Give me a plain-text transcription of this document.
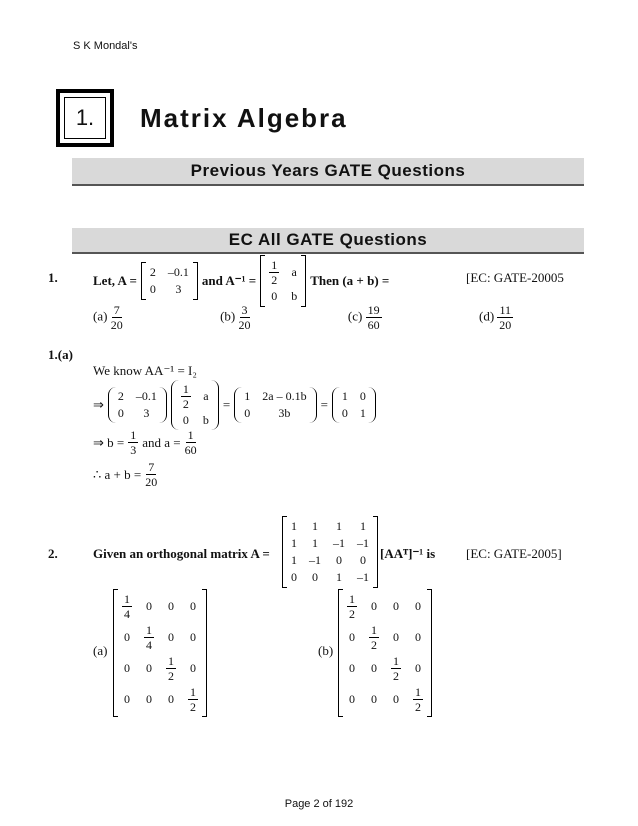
S K Mondal's
1.	Matrix Algebra
Previous Years GATE Questions
EC All GATE Questions
1.	Let, A =
2	–0.1
0	3
and $A^{-1} = \frac{1}{2}$	a
0	b
Then (a + b) =	[EC: GATE-20005
$(a) \frac{7}{20}$	$(b) \frac{3}{20}$	$(c) \frac{19}{60}$	$(d) \frac{11}{20}$
1.(a)
We know AA⁻¹ = I₂
⇒
2	–0.1
0	3
$\frac{1}{2}$	a
0	b
=
1	2a – 0.1b
0	3b
=
1	0
0	1
⇒ $b = \frac{1}{3}$ and $a = \frac{1}{60}$
∴ $a + b = \frac{7}{20}$
2.	Given an orthogonal matrix A =
1	1	1	1
1	1	–1	–1
1	–1	0	0
0	0	1	–1
[AAᵀ]⁻¹ is [EC: GATE-2005]
(a)
$\frac{1}{4}$	0	0	0
0	$\frac{1}{4}$	0	0
0	0	$\frac{1}{2}$	0
0	0	0	$\frac{1}{2}$
(b)
$\frac{1}{2}$	0	0	0
0	$\frac{1}{2}$	0	0
0	0	$\frac{1}{2}$	0
0	0	0	$\frac{1}{2}$
Page 2 of 192
